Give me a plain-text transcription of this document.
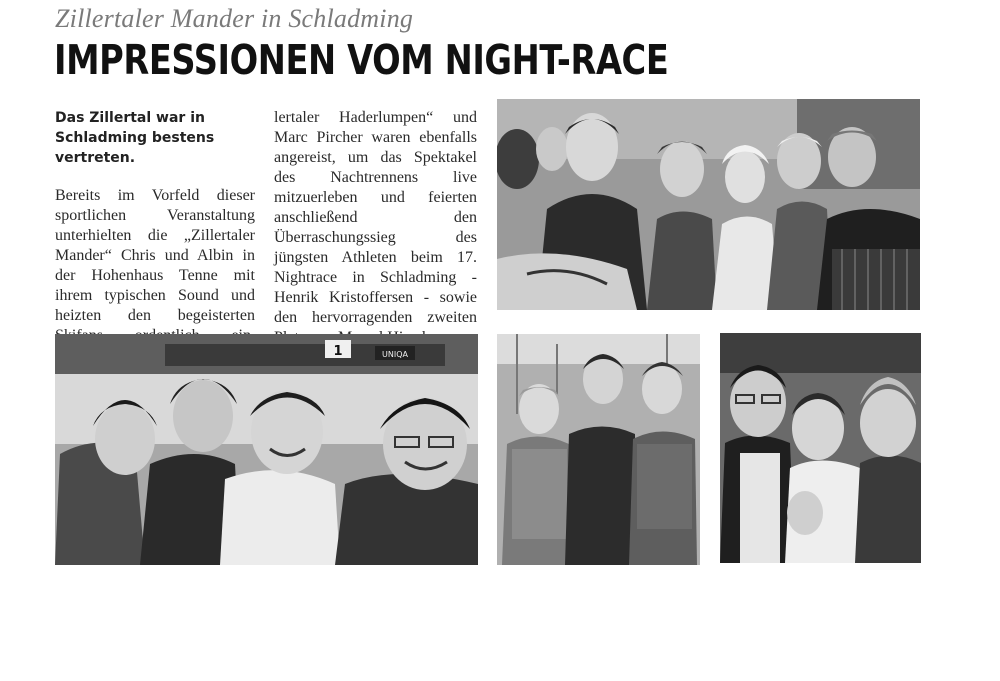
Zillertaler Mander in Schladming
IMPRESSIONEN VOM NIGHT-RACE
Das Zillertal war in Schladming bestens vertreten.

Bereits im Vorfeld dieser sportlichen Veranstaltung unterhielten die „Zillertaler Mander“ Chris und Albin in der Hohenhaus Tenne mit ihrem typischen Sound und heizten den begeisterten

lertaler Haderlumpen“ und Marc Pircher waren ebenfalls angereist, um das Spektakel des Nachtrennens live mitzuerleben und feierten anschließend den Überraschungssieg des jüngsten Athleten beim 17. Nightrace in Schladming - Henrik Kristoffersen - sowie den hervorragenden zweiten

1	UNIQA
